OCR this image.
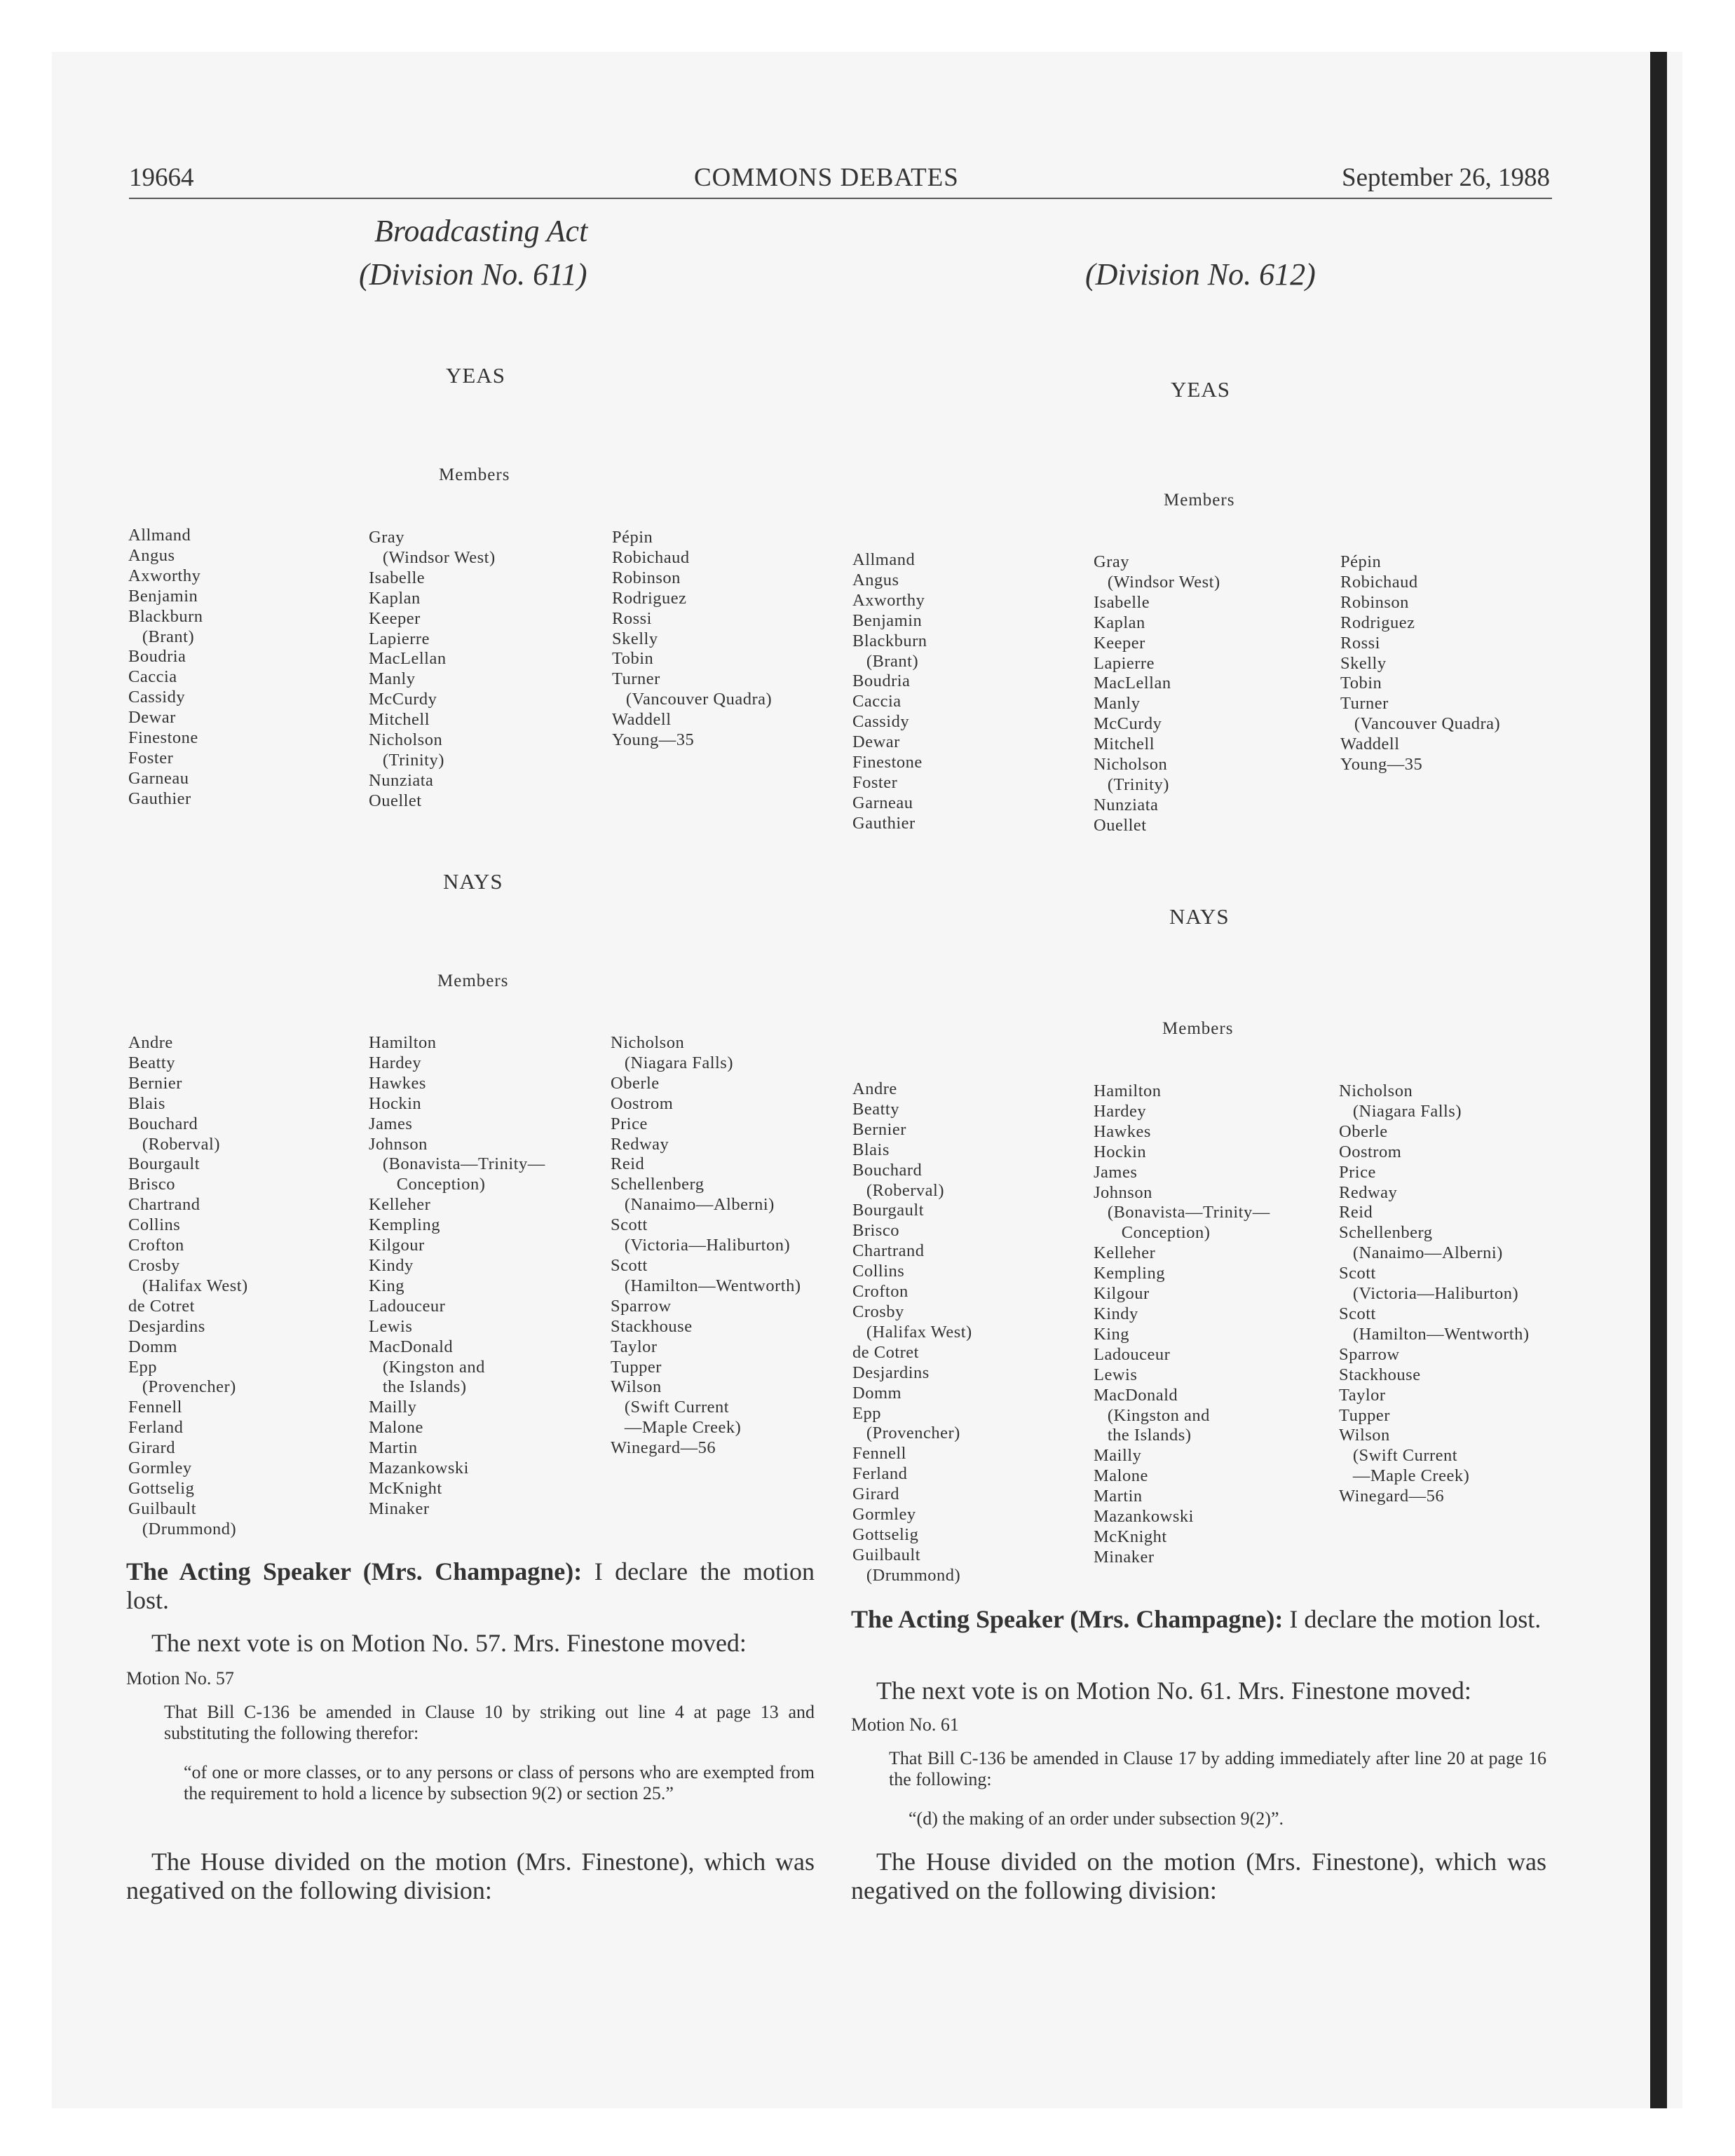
19664	COMMONS DEBATES	September 26, 1988
Broadcasting Act
(Division No. 611)
YEAS
Members
Allmand
Angus
Axworthy
Benjamin
Blackburn
(Brant)
Boudria
Caccia
Cassidy
Dewar
Finestone
Foster
Garneau
Gauthier
Gray
(Windsor West)
Isabelle
Kaplan
Keeper
Lapierre
MacLellan
Manly
McCurdy
Mitchell
Nicholson
(Trinity)
Nunziata
Ouellet
Pépin
Robichaud
Robinson
Rodriguez
Rossi
Skelly
Tobin
Turner
(Vancouver Quadra)
Waddell
Young—35
NAYS
Members
Andre
Beatty
Bernier
Blais
Bouchard
(Roberval)
Bourgault
Brisco
Chartrand
Collins
Crofton
Crosby
(Halifax West)
de Cotret
Desjardins
Domm
Epp
(Provencher)
Fennell
Ferland
Girard
Gormley
Gottselig
Guilbault
(Drummond)
Hamilton
Hardey
Hawkes
Hockin
James
Johnson
(Bonavista—Trinity—
Conception)
Kelleher
Kempling
Kilgour
Kindy
King
Ladouceur
Lewis
MacDonald
(Kingston and
the Islands)
Mailly
Malone
Martin
Mazankowski
McKnight
Minaker
Nicholson
(Niagara Falls)
Oberle
Oostrom
Price
Redway
Reid
Schellenberg
(Nanaimo—Alberni)
Scott
(Victoria—Haliburton)
Scott
(Hamilton—Wentworth)
Sparrow
Stackhouse
Taylor
Tupper
Wilson
(Swift Current
—Maple Creek)
Winegard—56
The Acting Speaker (Mrs. Champagne): I declare the motion lost.
The next vote is on Motion No. 57. Mrs. Finestone moved:
Motion No. 57
That Bill C-136 be amended in Clause 10 by striking out line 4 at page 13 and substituting the following therefor:
“of one or more classes, or to any persons or class of persons who are exempted from the requirement to hold a licence by subsection 9(2) or section 25.”
The House divided on the motion (Mrs. Finestone), which was negatived on the following division:
(Division No. 612)
YEAS
Members
Allmand
Angus
Axworthy
Benjamin
Blackburn
(Brant)
Boudria
Caccia
Cassidy
Dewar
Finestone
Foster
Garneau
Gauthier
Gray
(Windsor West)
Isabelle
Kaplan
Keeper
Lapierre
MacLellan
Manly
McCurdy
Mitchell
Nicholson
(Trinity)
Nunziata
Ouellet
Pépin
Robichaud
Robinson
Rodriguez
Rossi
Skelly
Tobin
Turner
(Vancouver Quadra)
Waddell
Young—35
NAYS
Members
Andre
Beatty
Bernier
Blais
Bouchard
(Roberval)
Bourgault
Brisco
Chartrand
Collins
Crofton
Crosby
(Halifax West)
de Cotret
Desjardins
Domm
Epp
(Provencher)
Fennell
Ferland
Girard
Gormley
Gottselig
Guilbault
(Drummond)
Hamilton
Hardey
Hawkes
Hockin
James
Johnson
(Bonavista—Trinity—
Conception)
Kelleher
Kempling
Kilgour
Kindy
King
Ladouceur
Lewis
MacDonald
(Kingston and
the Islands)
Mailly
Malone
Martin
Mazankowski
McKnight
Minaker
Nicholson
(Niagara Falls)
Oberle
Oostrom
Price
Redway
Reid
Schellenberg
(Nanaimo—Alberni)
Scott
(Victoria—Haliburton)
Scott
(Hamilton—Wentworth)
Sparrow
Stackhouse
Taylor
Tupper
Wilson
(Swift Current
—Maple Creek)
Winegard—56
The Acting Speaker (Mrs. Champagne): I declare the motion lost.
The next vote is on Motion No. 61. Mrs. Finestone moved:
Motion No. 61
That Bill C-136 be amended in Clause 17 by adding immediately after line 20 at page 16 the following:
“(d) the making of an order under subsection 9(2)”.
The House divided on the motion (Mrs. Finestone), which was negatived on the following division:
